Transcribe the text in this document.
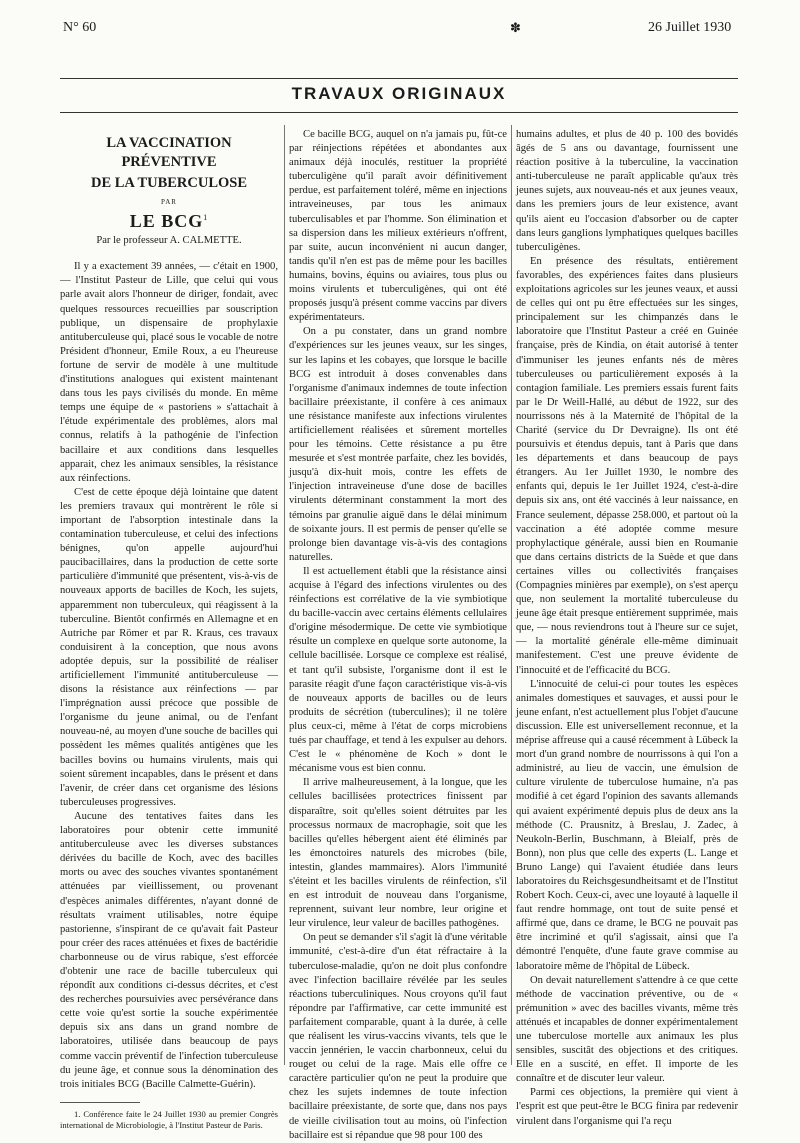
N° 60	✽	26 Juillet 1930
TRAVAUX ORIGINAUX
LA VACCINATION PRÉVENTIVE
DE LA TUBERCULOSE
PAR
LE BCG$^1$
Par le professeur A. CALMETTE.

Il y a exactement 39 années, — c'était en 1900, — l'Institut Pasteur de Lille, que celui qui vous parle avait alors l'honneur de diriger, fondait, avec quelques ressources recueillies par souscription publique, un dispensaire de prophylaxie antituberculeuse qui, placé sous le vocable de notre Président d'honneur, Emile Roux, a eu l'heureuse fortune de servir de modèle à une multitude d'institutions analogues qui existent maintenant dans tous les pays civilisés du monde. En même temps une équipe de « pastoriens » s'attachait à l'étude expérimentale des problèmes, alors mal connus, relatifs à la pathogénie de l'infection bacillaire et aux conditions dans lesquelles apparait, chez les animaux sensibles, la résistance aux réinfections.

C'est de cette époque déjà lointaine que datent les premiers travaux qui montrèrent le rôle si important de l'absorption intestinale dans la contamination tuberculeuse, et celui des infections bénignes, qu'on appelle aujourd'hui paucibacillaires, dans la production de cette sorte particulière d'immunité que présentent, vis-à-vis de nouveaux apports de bacilles de Koch, les sujets, apparemment non tuberculeux, qui réagissent à la tuberculine. Bientôt confirmés en Allemagne et en Autriche par Römer et par R. Kraus, ces travaux conduisirent à la conception, que nous avons adoptée depuis, sur la possibilité de réaliser artificiellement l'immunité antituberculeuse — disons la résistance aux réinfections — par l'imprégnation aussi précoce que possible de l'organisme du jeune animal, ou de l'enfant nouveau-né, au moyen d'une souche de bacilles qui possèdent les mêmes qualités antigènes que les bacilles bovins ou humains virulents, mais qui soient sûrement incapables, dans le présent et dans l'avenir, de créer dans cet organisme des lésions tuberculeuses progressives.

Aucune des tentatives faites dans les laboratoires pour obtenir cette immunité antituberculeuse avec les diverses substances dérivées du bacille de Koch, avec des bacilles morts ou avec des souches vivantes spontanément atténuées par vieillissement, ou provenant d'espèces animales différentes, n'ayant donné de résultats vraiment utilisables, notre équipe pastorienne, s'inspirant de ce qu'avait fait Pasteur pour créer des races atténuées et fixes de bactéridie charbonneuse ou de virus rabique, s'est efforcée d'obtenir une race de bacille tuberculeux qui répondît aux conditions ci-dessus décrites, et c'est des recherches poursuivies avec persévérance dans cette voie qu'est sortie la souche expérimentée depuis six ans dans un grand nombre de laboratoires, utilisée dans beaucoup de pays comme vaccin préventif de l'infection tuberculeuse du jeune âge, et connue sous la dénomination des trois initiales BCG (Bacille Calmette-Guérin).

1. Conférence faite le 24 Juillet 1930 au premier Congrès international de Microbiologie, à l'Institut Pasteur de Paris.

Ce bacille BCG, auquel on n'a jamais pu, fût-ce par réinjections répétées et abondantes aux animaux déjà inoculés, restituer la propriété tuberculigène qu'il paraît avoir définitivement perdue, est parfaitement toléré, même en injections intraveineuses, par tous les animaux tuberculisables et par l'homme. Son élimination et sa dispersion dans les milieux extérieurs n'offrent, par suite, aucun inconvénient ni aucun danger, tandis qu'il n'en est pas de même pour les bacilles humains, bovins, équins ou aviaires, tous plus ou moins virulents et tuberculigènes, qui ont été proposés jusqu'à présent comme vaccins par divers expérimentateurs.

On a pu constater, dans un grand nombre d'expériences sur les jeunes veaux, sur les singes, sur les lapins et les cobayes, que lorsque le bacille BCG est introduit à doses convenables dans l'organisme d'animaux indemnes de toute infection bacillaire préexistante, il confère à ces animaux une résistance manifeste aux infections virulentes artificiellement réalisées et sûrement mortelles pour les témoins. Cette résistance a pu être mesurée et s'est montrée parfaite, chez les bovidés, jusqu'à dix-huit mois, contre les effets de l'injection intraveineuse d'une dose de bacilles virulents déterminant constamment la mort des témoins par granulie aiguë dans le délai minimum de soixante jours. Il est permis de penser qu'elle se prolonge bien davantage vis-à-vis des contagions naturelles.

Il est actuellement établi que la résistance ainsi acquise à l'égard des infections virulentes ou des réinfections est corrélative de la vie symbiotique du bacille-vaccin avec certains éléments cellulaires d'origine mésodermique. De cette vie symbiotique résulte un complexe en quelque sorte autonome, la cellule bacillisée. Lorsque ce complexe est réalisé, et tant qu'il subsiste, l'organisme dont il est le parasite réagit d'une façon caractéristique vis-à-vis de nouveaux apports de bacilles ou de leurs produits de sécrétion (tuberculines); il ne tolère plus ceux-ci, même à l'état de corps microbiens tués par chauffage, et tend à les expulser au dehors. C'est le « phénomène de Koch » dont le mécanisme vous est bien connu.

Il arrive malheureusement, à la longue, que les cellules bacillisées protectrices finissent par disparaître, soit qu'elles soient détruites par les processus normaux de macrophagie, soit que les bacilles qu'elles hébergent aient été éliminés par les émonctoires naturels des microbes (bile, intestin, glandes mammaires). Alors l'immunité s'éteint et les bacilles virulents de réinfection, s'il en est introduit de nouveau dans l'organisme, reprennent, suivant leur nombre, leur origine et leur virulence, leur valeur de bacilles pathogènes.

On peut se demander s'il s'agit là d'une véritable immunité, c'est-à-dire d'un état réfractaire à la tuberculose-maladie, qu'on ne doit plus confondre avec l'infection bacillaire révélée par les seules réactions tuberculiniques. Nous croyons qu'il faut répondre par l'affirmative, car cette immunité est parfaitement comparable, quant à la durée, à celle que réalisent les virus-vaccins vivants, tels que le vaccin jennérien, le vaccin charbonneux, celui du rouget ou celui de la rage. Mais elle offre ce caractère particulier qu'on ne peut la produire que chez les sujets indemnes de toute infection bacillaire préexistante, de sorte que, dans nos pays de vieille civilisation tout au moins, où l'infection bacillaire est si répandue que 98 pour 100 des

humains adultes, et plus de 40 p. 100 des bovidés âgés de 5 ans ou davantage, fournissent une réaction positive à la tuberculine, la vaccination anti-tuberculeuse ne paraît applicable qu'aux très jeunes sujets, aux nouveau-nés et aux jeunes veaux, dans les premiers jours de leur existence, avant qu'ils aient eu l'occasion d'absorber ou de capter dans leurs ganglions lymphatiques quelques bacilles tuberculigènes.

En présence des résultats, entièrement favorables, des expériences faites dans plusieurs exploitations agricoles sur les jeunes veaux, et aussi de celles qui ont pu être effectuées sur les singes, principalement sur les chimpanzés dans le laboratoire que l'Institut Pasteur a créé en Guinée française, près de Kindia, on était autorisé à tenter d'immuniser les jeunes enfants nés de mères tuberculeuses ou particulièrement exposés à la contagion familiale. Les premiers essais furent faits par le Dr Weill-Hallé, au début de 1922, sur des nourrissons nés à la Maternité de l'hôpital de la Charité (service du Dr Devraigne). Ils ont été poursuivis et étendus depuis, tant à Paris que dans les départements et dans beaucoup de pays étrangers. Au 1er Juillet 1930, le nombre des enfants qui, depuis le 1er Juillet 1924, c'est-à-dire depuis six ans, ont été vaccinés à leur naissance, en France seulement, dépasse 258.000, et partout où la vaccination a été adoptée comme mesure prophylactique générale, aussi bien en Roumanie que dans certains districts de la Suède et que dans certaines villes ou collectivités françaises (Compagnies minières par exemple), on s'est aperçu que, non seulement la mortalité tuberculeuse du jeune âge était presque entièrement supprimée, mais que, — nous reviendrons tout à l'heure sur ce sujet, — la mortalité générale elle-même diminuait manifestement. C'est une preuve évidente de l'innocuité et de l'efficacité du BCG.

L'innocuité de celui-ci pour toutes les espèces animales domestiques et sauvages, et aussi pour le jeune enfant, n'est actuellement plus l'objet d'aucune discussion. Elle est universellement reconnue, et la méprise affreuse qui a causé récemment à Lübeck la mort d'un grand nombre de nourrissons à qui l'on a administré, au lieu de vaccin, une émulsion de culture virulente de tuberculose humaine, n'a pas modifié à cet égard l'opinion des savants allemands qui avaient expérimenté depuis plus de deux ans la méthode (C. Prausnitz, à Breslau, J. Zadec, à Neukoln-Berlin, Buschmann, à Bleialf, près de Bonn), non plus que celle des experts (L. Lange et Bruno Lange) qui l'avaient étudiée dans leurs laboratoires du Reichsgesundheitsamt et de l'Institut Robert Koch. Ceux-ci, avec une loyauté à laquelle il faut rendre hommage, ont tout de suite pensé et affirmé que, dans ce drame, le BCG ne pouvait pas être incriminé et qu'il s'agissait, ainsi que l'a démontré l'enquête, d'une faute grave commise au laboratoire même de l'hôpital de Lübeck.

On devait naturellement s'attendre à ce que cette méthode de vaccination préventive, ou de « prémunition » avec des bacilles vivants, même très atténués et incapables de donner expérimentalement une tuberculose mortelle aux animaux les plus sensibles, suscitât des objections et des critiques. Elle en a suscité, en effet. Il importe de les connaître et de discuter leur valeur.

Parmi ces objections, la première qui vient à l'esprit est que peut-être le BCG finira par redevenir virulent dans l'organisme qui l'a reçu
